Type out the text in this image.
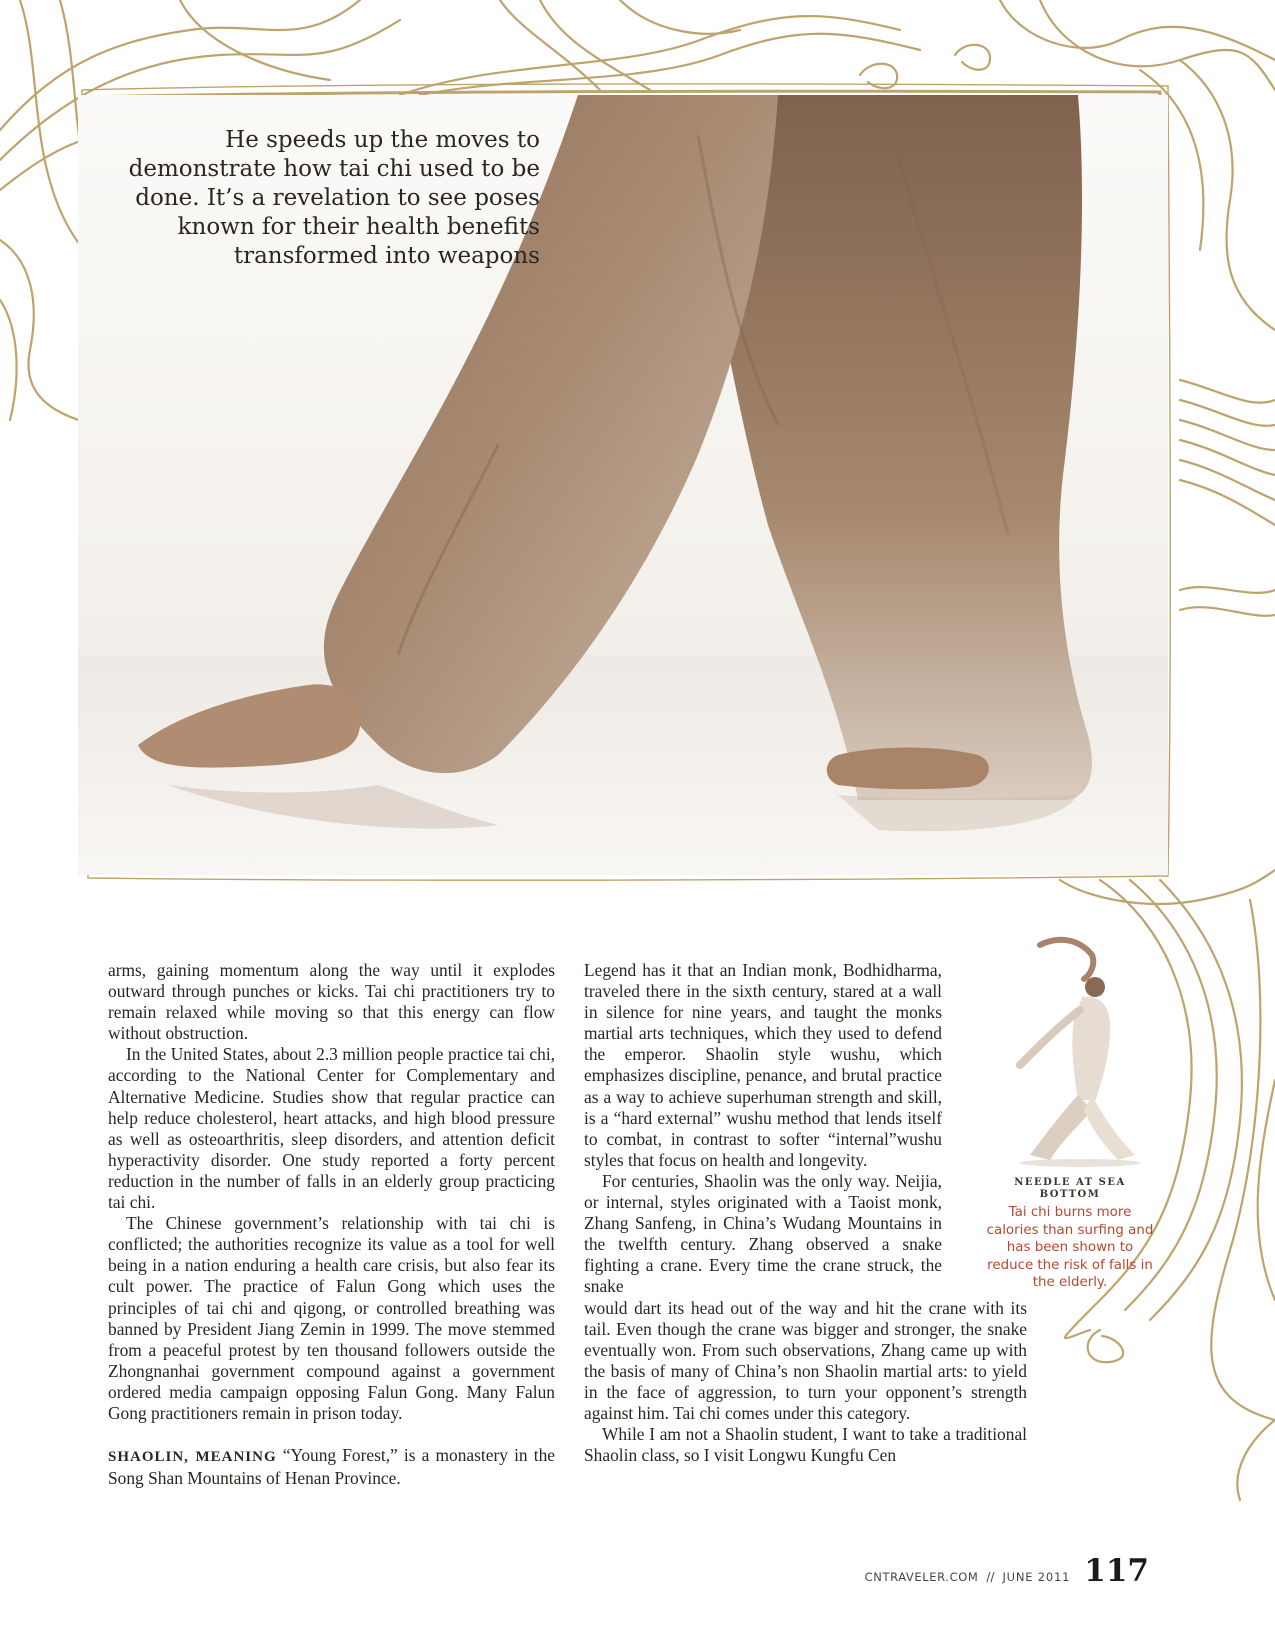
He speeds up the moves to demonstrate how tai chi used to be done. It’s a revelation to see poses known for their health benefits transformed into weapons

arms, gaining momentum along the way until it explodes outward through punches or kicks. Tai chi practitioners try to remain relaxed while moving so that this energy can flow without obstruction.

In the United States, about 2.3 million people practice tai chi, according to the National Center for Complementary and Alternative Medicine. Studies show that regular practice can help reduce cholesterol, heart attacks, and high blood pressure as well as osteoarthritis, sleep disorders, and attention deficit hyperactivity disorder. One study reported a forty percent reduction in the number of falls in an elderly group practicing tai chi.

The Chinese government’s relationship with tai chi is conflicted; the authorities recognize its value as a tool for well being in a nation enduring a health care crisis, but also fear its cult power. The practice of Falun Gong which uses the principles of tai chi and qigong, or controlled breathing was banned by President Jiang Zemin in 1999. The move stemmed from a peaceful protest by ten thousand followers outside the Zhongnanhai government compound against a government ordered media campaign opposing Falun Gong. Many Falun Gong practitioners remain in prison today.

SHAOLIN, MEANING “Young Forest,” is a monastery in the Song Shan Mountains of Henan Province.

Legend has it that an Indian monk, Bodhidharma, traveled there in the sixth century, stared at a wall in silence for nine years, and taught the monks martial arts techniques, which they used to defend the emperor. Shaolin style wushu, which emphasizes discipline, penance, and brutal practice as a way to achieve superhuman strength and skill, is a “hard external” wushu method that lends itself to combat, in contrast to softer “internal”wushu styles that focus on health and longevity.

For centuries, Shaolin was the only way. Neijia, or internal, styles originated with a Taoist monk, Zhang Sanfeng, in China’s Wudang Mountains in the twelfth century. Zhang observed a snake fighting a crane. Every time the crane struck, the snake

would dart its head out of the way and hit the crane with its tail. Even though the crane was bigger and stronger, the snake eventually won. From such observations, Zhang came up with the basis of many of China’s non Shaolin martial arts: to yield in the face of aggression, to turn your opponent’s strength against him. Tai chi comes under this category.

While I am not a Shaolin student, I want to take a traditional Shaolin class, so I visit Longwu Kungfu Cen

NEEDLE AT SEA BOTTOM
Tai chi burns more calories than surfing and has been shown to reduce the risk of falls in the elderly.
CNTRAVELER.COM // JUNE 2011 117
